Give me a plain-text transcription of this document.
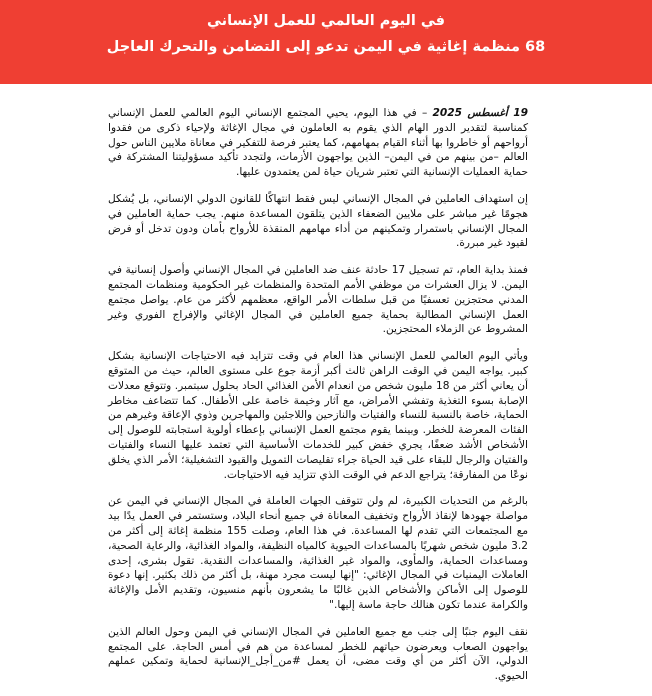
في اليوم العالمي للعمل الإنساني
68 منظمة إغاثية في اليمن تدعو إلى التضامن والتحرك العاجل

19 أغسطس 2025 – في هذا اليوم، يحيي المجتمع الإنساني اليوم العالمي للعمل الإنساني كمناسبة لتقدير الدور الهام الذي يقوم به العاملون في مجال الإغاثة ولإحياء ذكرى من فقدوا أرواحهم أو خاطروا بها أثناء القيام بمهامهم، كما يعتبر فرصة للتفكير في معاناة ملايين الناس حول العالم –من بينهم من في اليمن– الذين يواجهون الأزمات، ولتجدد تأكيد مسؤوليتنا المشتركة في حماية العمليات الإنسانية التي تعتبر شريان حياة لمن يعتمدون عليها.

إن استهداف العاملين في المجال الإنساني ليس فقط انتهاكًا للقانون الدولي الإنساني، بل يُشكل هجومًا غير مباشر على ملايين الضعفاء الذين يتلقون المساعدة منهم. يجب حماية العاملين في المجال الإنساني باستمرار وتمكينهم من أداء مهامهم المنقذة للأرواح بأمان ودون تدخل أو فرض لقيود غير مبررة.

فمنذ بداية العام، تم تسجيل 17 حادثة عنف ضد العاملين في المجال الإنساني وأصول إنسانية في اليمن. لا يزال العشرات من موظفي الأمم المتحدة والمنظمات غير الحكومية ومنظمات المجتمع المدني محتجزين تعسفيًا من قبل سلطات الأمر الواقع، معظمهم لأكثر من عام. يواصل مجتمع العمل الإنساني المطالبة بحماية جميع العاملين في المجال الإغاثي والإفراج الفوري وغير المشروط عن الزملاء المحتجزين.

ويأتي اليوم العالمي للعمل الإنساني هذا العام في وقت تتزايد فيه الاحتياجات الإنسانية بشكل كبير. يواجه اليمن في الوقت الراهن ثالث أكبر أزمة جوع على مستوى العالم، حيث من المتوقع أن يعاني أكثر من 18 مليون شخص من انعدام الأمن الغذائي الحاد بحلول سبتمبر. وتتوقع معدلات الإصابة بسوء التغذية وتفشي الأمراض، مع آثار وخيمة خاصة على الأطفال. كما تتضاعف مخاطر الحماية، خاصة بالنسبة للنساء والفتيات والنازحين واللاجئين والمهاجرين وذوي الإعاقة وغيرهم من الفئات المعرضة للخطر. وبينما يقوم مجتمع العمل الإنساني بإعطاء أولوية استجابته للوصول إلى الأشخاص الأشد ضعفًا، يجري خفض كبير للخدمات الأساسية التي تعتمد عليها النساء والفتيات والفتيان والرجال للبقاء على قيد الحياة جراء تقليصات التمويل والقيود التشغيلية؛ الأمر الذي يخلق نوعًا من المفارقة؛ يتراجع الدعم في الوقت الذي تتزايد فيه الاحتياجات.

بالرغم من التحديات الكبيرة، لم ولن تتوقف الجهات العاملة في المجال الإنساني في اليمن عن مواصلة جهودها لإنقاذ الأرواح وتخفيف المعاناة في جميع أنحاء البلاد، وستستمر في العمل يدًا بيد مع المجتمعات التي تقدم لها المساعدة. في هذا العام، وصلت 155 منظمة إغاثة إلى أكثر من 3.2 مليون شخص شهريًا بالمساعدات الحيوية كالمياه النظيفة، والمواد الغذائية، والرعاية الصحية، ومساعدات الحماية، والمأوى، والمواد غير الغذائية، والمساعدات النقدية. تقول بشرى، إحدى العاملات اليمنيات في المجال الإغاثي: "إنها ليست مجرد مهنة، بل أكثر من ذلك بكثير. إنها دعوة للوصول إلى الأماكن والأشخاص الذين غالبًا ما يشعرون بأنهم منسيون، وتقديم الأمل والإغاثة والكرامة عندما تكون هنالك حاجة ماسة إليها."

نقف اليوم جنبًا إلى جنب مع جميع العاملين في المجال الإنساني في اليمن وحول العالم الذين يواجهون الصعاب ويعرضون حياتهم للخطر لمساعدة من هم في أمس الحاجة. على المجتمع الدولي، الآن أكثر من أي وقت مضى، أن يعمل #من_أجل_الإنسانية لحماية وتمكين عملهم الحيوي.
